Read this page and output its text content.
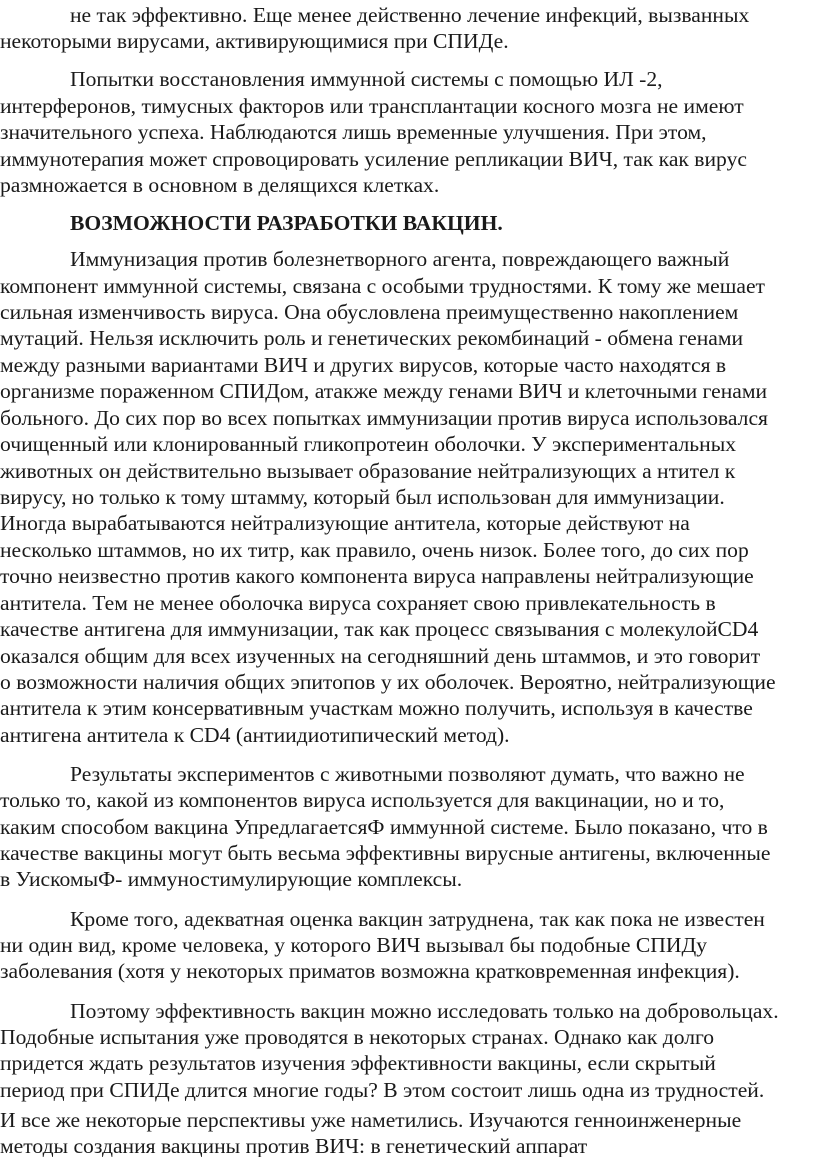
не так эффективно. Еще менее действенно лечение инфекций, вызванных
некоторыми вирусами, активирующимися при СПИДе.
Попытки восстановления иммунной системы с помощью ИЛ -2,
интерферонов, тимусных факторов или трансплантации косного мозга не имеют
значительного успеха. Наблюдаются лишь временные улучшения. При этом,
иммунотерапия может спровоцировать усиление репликации ВИЧ, так как вирус
размножается в основном в делящихся клетках.
ВОЗМОЖНОСТИ РАЗРАБОТКИ ВАКЦИН.
Иммунизация против болезнетворного агента, повреждающего важный
компонент иммунной системы, связана с особыми трудностями. К тому же мешает
сильная изменчивость вируса. Она обусловлена преимущественно накоплением
мутаций. Нельзя исключить роль и генетических рекомбинаций - обмена генами
между разными вариантами ВИЧ и других вирусов, которые часто находятся в
организме пораженном СПИДом, атакже между генами ВИЧ и клеточными генами
больного. До сих пор во всех попытках иммунизации против вируса использовался
очищенный или клонированный гликопротеин оболочки. У экспериментальных
животных он действительно вызывает образование нейтрализующих а нтител к
вирусу, но только к тому штамму, который был использован для иммунизации.
Иногда вырабатываются нейтрализующие антитела, которые действуют на
несколько штаммов, но их титр, как правило, очень низок. Более того, до сих пор
точно неизвестно против какого компонента вируса направлены нейтрализующие
антитела. Тем не менее оболочка вируса сохраняет свою привлекательность в
качестве антигена для иммунизации, так как процесс связывания с молекулойCD4
оказался общим для всех изученных на сегодняшний день штаммов, и это говорит
о возможности наличия общих эпитопов у их оболочек. Вероятно, нейтрализующие
антитела к этим консервативным участкам можно получить, используя в качестве
антигена антитела к CD4 (антиидиотипический метод).
Результаты экспериментов с животными позволяют думать, что важно не
только то, какой из компонентов вируса используется для вакцинации, но и то,
каким способом вакцина УпредлагаетсяФ иммунной системе. Было показано, что в
качестве вакцины могут быть весьма эффективны вирусные антигены, включенные
в УискомыФ- иммуностимулирующие комплексы.
Кроме того, адекватная оценка вакцин затруднена, так как пока не известен
ни один вид, кроме человека, у которого ВИЧ вызывал бы подобные СПИДу
заболевания (хотя у некоторых приматов возможна кратковременная инфекция).
Поэтому эффективность вакцин можно исследовать только на добровольцах.
Подобные испытания уже проводятся в некоторых странах. Однако как долго
придется ждать результатов изучения эффективности вакцины, если скрытый
период при СПИДе длится многие годы? В этом состоит лишь одна из трудностей.
И все же некоторые перспективы уже наметились. Изучаются генноинженерные
методы создания вакцины против ВИЧ: в генетический аппарат
